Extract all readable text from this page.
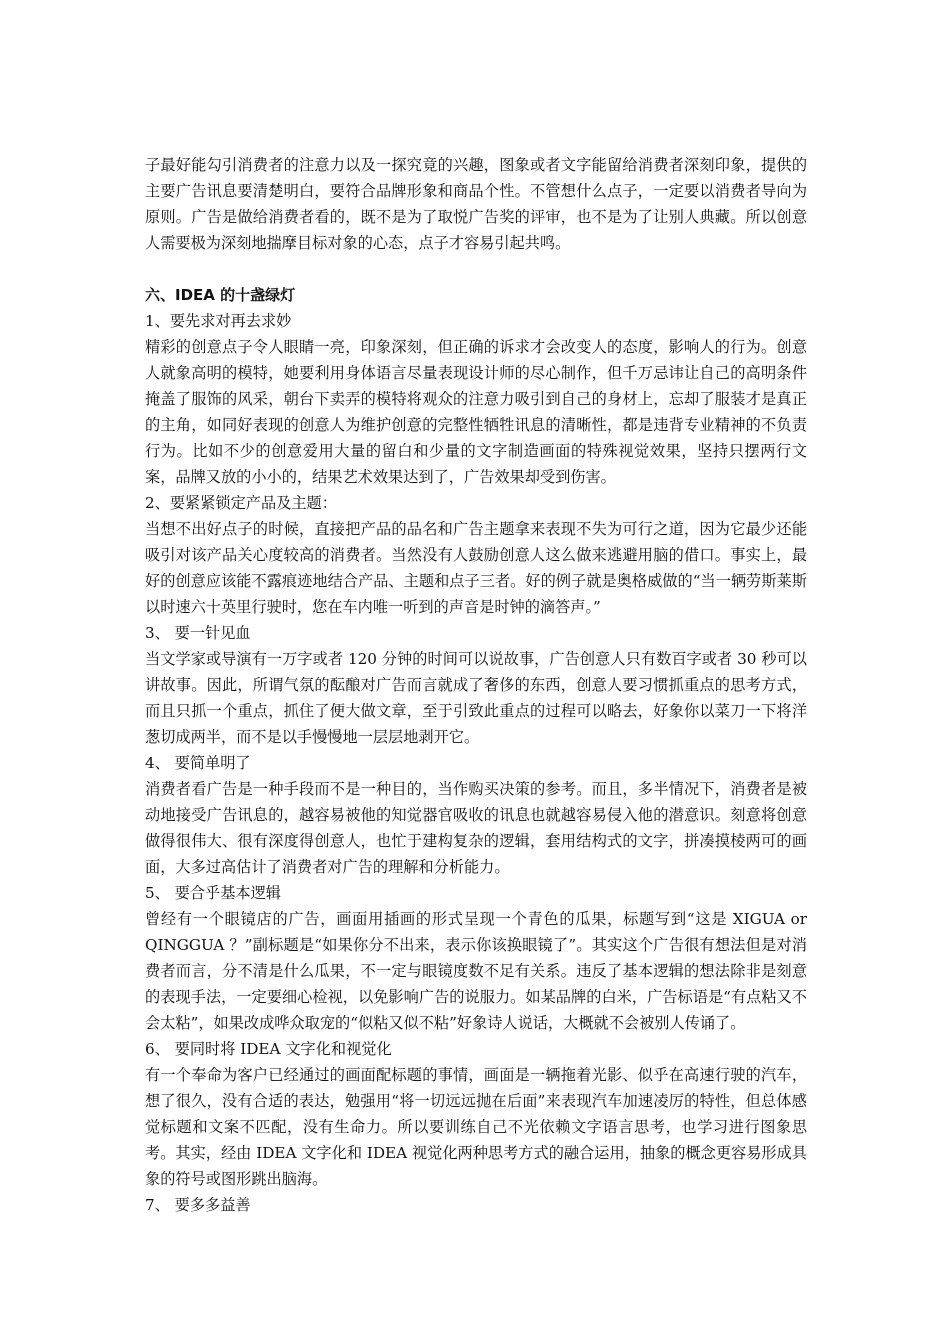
子最好能勾引消费者的注意力以及一探究竟的兴趣，图象或者文字能留给消费者深刻印象，提供的主要广告讯息要清楚明白，要符合品牌形象和商品个性。不管想什么点子，一定要以消费者导向为原则。广告是做给消费者看的，既不是为了取悦广告奖的评审，也不是为了让别人典藏。所以创意人需要极为深刻地揣摩目标对象的心态，点子才容易引起共鸣。

六、IDEA 的十盏绿灯

1、要先求对再去求妙

精彩的创意点子令人眼睛一亮，印象深刻，但正确的诉求才会改变人的态度，影响人的行为。创意人就象高明的模特，她要利用身体语言尽量表现设计师的尽心制作，但千万忌讳让自己的高明条件掩盖了服饰的风采，朝台下卖弄的模特将观众的注意力吸引到自己的身材上，忘却了服装才是真正的主角，如同好表现的创意人为维护创意的完整性牺牲讯息的清晰性，都是违背专业精神的不负责行为。比如不少的创意爱用大量的留白和少量的文字制造画面的特殊视觉效果，坚持只摆两行文案，品牌又放的小小的，结果艺术效果达到了，广告效果却受到伤害。

2、要紧紧锁定产品及主题：

当想不出好点子的时候，直接把产品的品名和广告主题拿来表现不失为可行之道，因为它最少还能吸引对该产品关心度较高的消费者。当然没有人鼓励创意人这么做来逃避用脑的借口。事实上，最好的创意应该能不露痕迹地结合产品、主题和点子三者。好的例子就是奥格威做的“当一辆劳斯莱斯以时速六十英里行驶时，您在车内唯一听到的声音是时钟的滴答声。”

3、 要一针见血

当文学家或导演有一万字或者 120 分钟的时间可以说故事，广告创意人只有数百字或者 30 秒可以讲故事。因此，所谓气氛的酝酿对广告而言就成了奢侈的东西，创意人要习惯抓重点的思考方式，而且只抓一个重点，抓住了便大做文章，至于引致此重点的过程可以略去，好象你以菜刀一下将洋葱切成两半，而不是以手慢慢地一层层地剥开它。

4、 要简单明了

消费者看广告是一种手段而不是一种目的，当作购买决策的参考。而且，多半情况下，消费者是被动地接受广告讯息的，越容易被他的知觉器官吸收的讯息也就越容易侵入他的潜意识。刻意将创意做得很伟大、很有深度得创意人，也忙于建构复杂的逻辑，套用结构式的文字，拼凑摸棱两可的画面，大多过高估计了消费者对广告的理解和分析能力。

5、 要合乎基本逻辑

曾经有一个眼镜店的广告，画面用插画的形式呈现一个青色的瓜果，标题写到“这是 XIGUA or QINGGUA ？”副标题是“如果你分不出来，表示你该换眼镜了”。其实这个广告很有想法但是对消费者而言，分不清是什么瓜果，不一定与眼镜度数不足有关系。违反了基本逻辑的想法除非是刻意的表现手法，一定要细心检视，以免影响广告的说服力。如某品牌的白米，广告标语是“有点粘又不会太粘”，如果改成哗众取宠的“似粘又似不粘”好象诗人说话，大概就不会被别人传诵了。

6、 要同时将 IDEA 文字化和视觉化

有一个奉命为客户已经通过的画面配标题的事情，画面是一辆拖着光影、似乎在高速行驶的汽车，想了很久，没有合适的表达，勉强用“将一切远远抛在后面”来表现汽车加速凌厉的特性，但总体感觉标题和文案不匹配，没有生命力。所以要训练自己不光依赖文字语言思考，也学习进行图象思考。其实，经由 IDEA 文字化和 IDEA 视觉化两种思考方式的融合运用，抽象的概念更容易形成具象的符号或图形跳出脑海。

7、 要多多益善
